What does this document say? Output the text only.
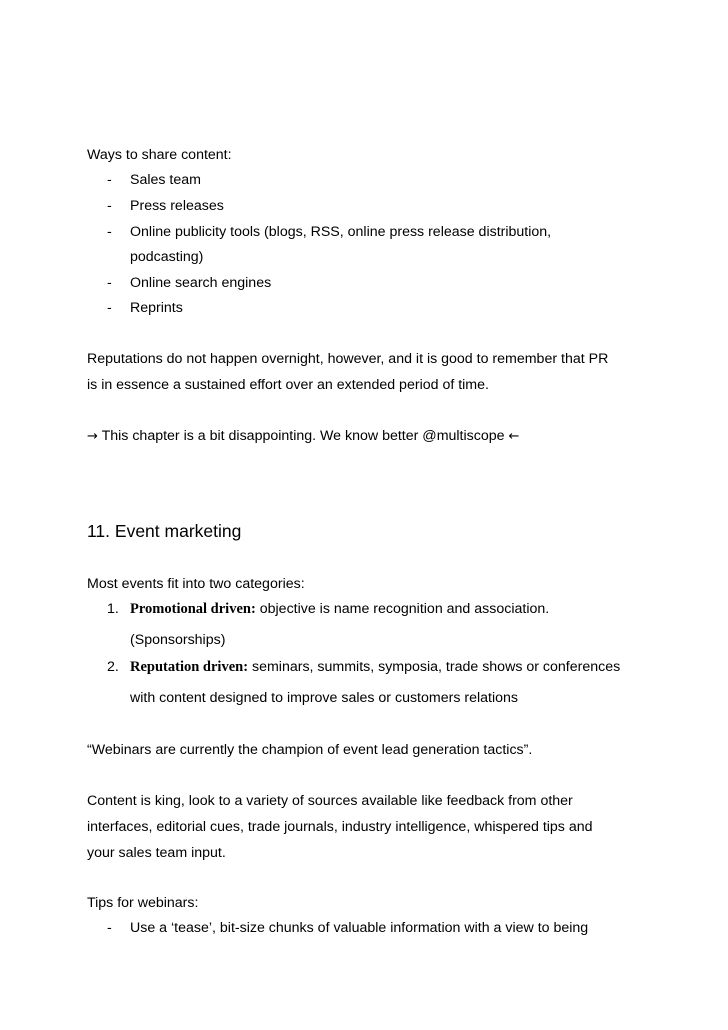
Ways to share content:
- Sales team
- Press releases
- Online publicity tools (blogs, RSS, online press release distribution,
podcasting)
- Online search engines
- Reprints
Reputations do not happen overnight, however, and it is good to remember that PR
is in essence a sustained effort over an extended period of time.
→ This chapter is a bit disappointing. We know better @multiscope ←
11. Event marketing
Most events fit into two categories:
1. Promotional driven: objective is name recognition and association.
(Sponsorships)
2. Reputation driven: seminars, summits, symposia, trade shows or conferences
with content designed to improve sales or customers relations
“Webinars are currently the champion of event lead generation tactics”.
Content is king, look to a variety of sources available like feedback from other
interfaces, editorial cues, trade journals, industry intelligence, whispered tips and
your sales team input.
Tips for webinars:
- Use a ‘tease’, bit-size chunks of valuable information with a view to being
